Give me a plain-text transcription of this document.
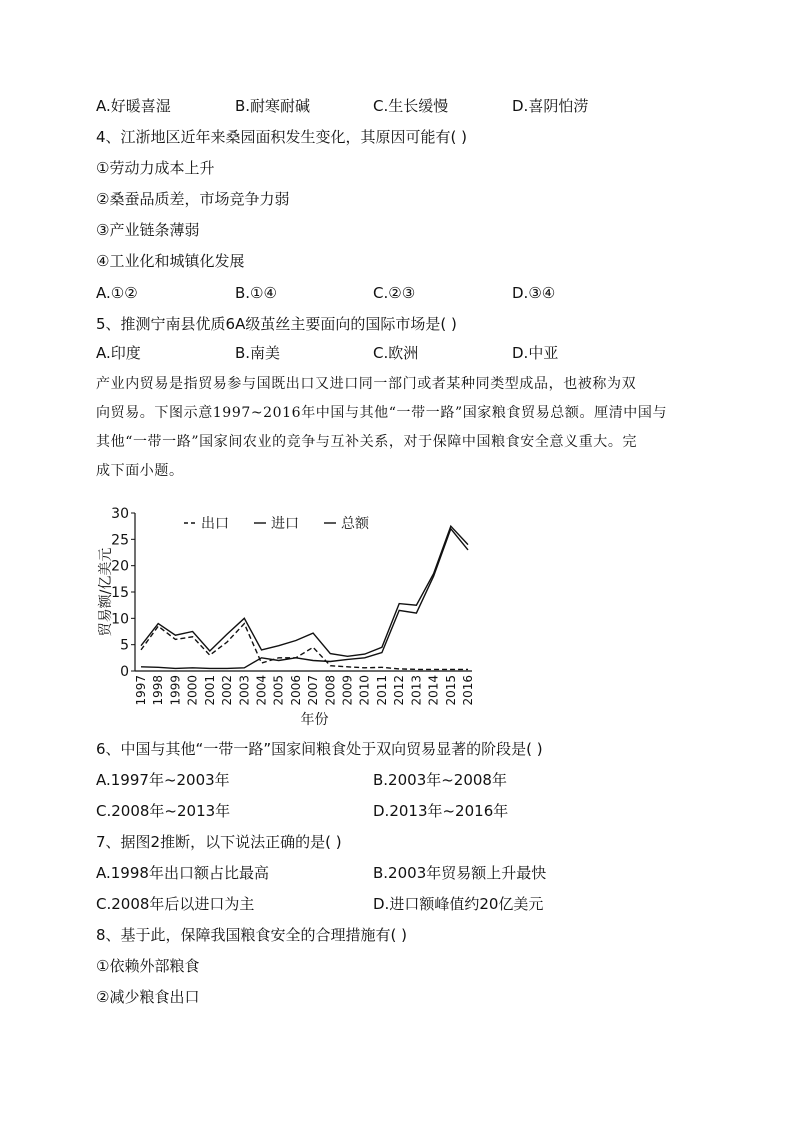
A.好暖喜湿	B.耐寒耐碱	C.生长缓慢	D.喜阴怕涝
4、江浙地区近年来桑园面积发生变化，其原因可能有( )
①劳动力成本上升
②桑蚕品质差，市场竞争力弱
③产业链条薄弱
④工业化和城镇化发展
A.①②	B.①④	C.②③	D.③④
5、推测宁南县优质6A级茧丝主要面向的国际市场是( )
A.印度	B.南美	C.欧洲	D.中亚
产业内贸易是指贸易参与国既出口又进口同一部门或者某种同类型成品，也被称为双
向贸易。下图示意1997~2016年中国与其他“一带一路”国家粮食贸易总额。厘清中国与
其他“一带一路”国家间农业的竞争与互补关系，对于保障中国粮食安全意义重大。完
成下面小题。
0
5
10
15
20
25
30
1997 1998 1999 2000 2001 2002 2003 2004 2005 2006 2007 2008 2009 2010 2011 2012 2013 2014 2015 2016
贸易额/亿美元
年份
出口	进口	总额
6、中国与其他“一带一路”国家间粮食处于双向贸易显著的阶段是( )
A.1997年~2003年	B.2003年~2008年
C.2008年~2013年	D.2013年~2016年
7、据图2推断，以下说法正确的是( )
A.1998年出口额占比最高	B.2003年贸易额上升最快
C.2008年后以进口为主	D.进口额峰值约20亿美元
8、基于此，保障我国粮食安全的合理措施有( )
①依赖外部粮食
②减少粮食出口
